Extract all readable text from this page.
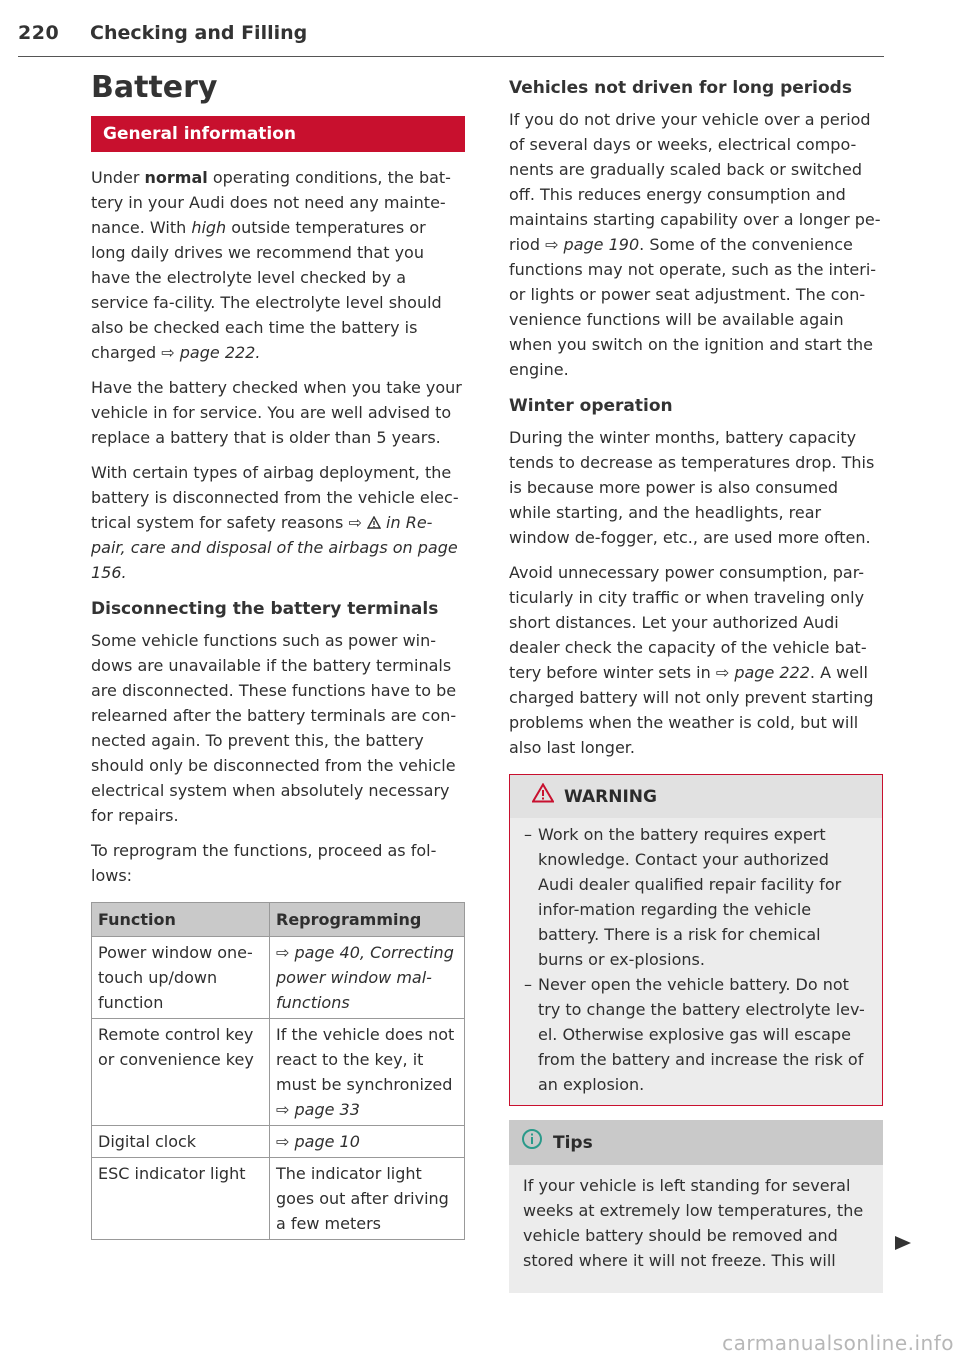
220 Checking and Filling
Battery
General information

Under normal operating conditions, the bat-tery in your Audi does not need any mainte-nance. With high outside temperatures or long daily drives we recommend that you have the electrolyte level checked by a service fa-cility. The electrolyte level should also be checked each time the battery is charged ⇨ page 222.

Have the battery checked when you take your vehicle in for service. You are well advised to replace a battery that is older than 5 years.

With certain types of airbag deployment, the battery is disconnected from the vehicle elec-trical system for safety reasons ⇨  in Re-pair, care and disposal of the airbags on page 156.

Disconnecting the battery terminals

Some vehicle functions such as power win-dows are unavailable if the battery terminals are disconnected. These functions have to be relearned after the battery terminals are con-nected again. To prevent this, the battery should only be disconnected from the vehicle electrical system when absolutely necessary for repairs.

To reprogram the functions, proceed as fol-lows:

Function	Reprogramming
Power window one-touch up/down function	⇨ page 40, Correcting power window mal-functions
Remote control key or convenience key	If the vehicle does not react to the key, it must be synchronized ⇨ page 33
Digital clock	⇨ page 10
ESC indicator light	The indicator light goes out after driving a few meters
Vehicles not driven for long periods

If you do not drive your vehicle over a period of several days or weeks, electrical compo-nents are gradually scaled back or switched off. This reduces energy consumption and maintains starting capability over a longer pe-riod ⇨ page 190. Some of the convenience functions may not operate, such as the interi-or lights or power seat adjustment. The con-venience functions will be available again when you switch on the ignition and start the engine.

Winter operation

During the winter months, battery capacity tends to decrease as temperatures drop. This is because more power is also consumed while starting, and the headlights, rear window de-fogger, etc., are used more often.

Avoid unnecessary power consumption, par-ticularly in city traffic or when traveling only short distances. Let your authorized Audi dealer check the capacity of the vehicle bat-tery before winter sets in ⇨ page 222. A well charged battery will not only prevent starting problems when the weather is cold, but will also last longer.

WARNING
– Work on the battery requires expert knowledge. Contact your authorized Audi dealer qualified repair facility for infor-mation regarding the vehicle battery. There is a risk for chemical burns or ex-plosions.
– Never open the vehicle battery. Do not try to change the battery electrolyte lev-el. Otherwise explosive gas will escape from the battery and increase the risk of an explosion.
Tips

If your vehicle is left standing for several weeks at extremely low temperatures, the vehicle battery should be removed and stored where it will not freeze. This will

carmanualsonline.info
